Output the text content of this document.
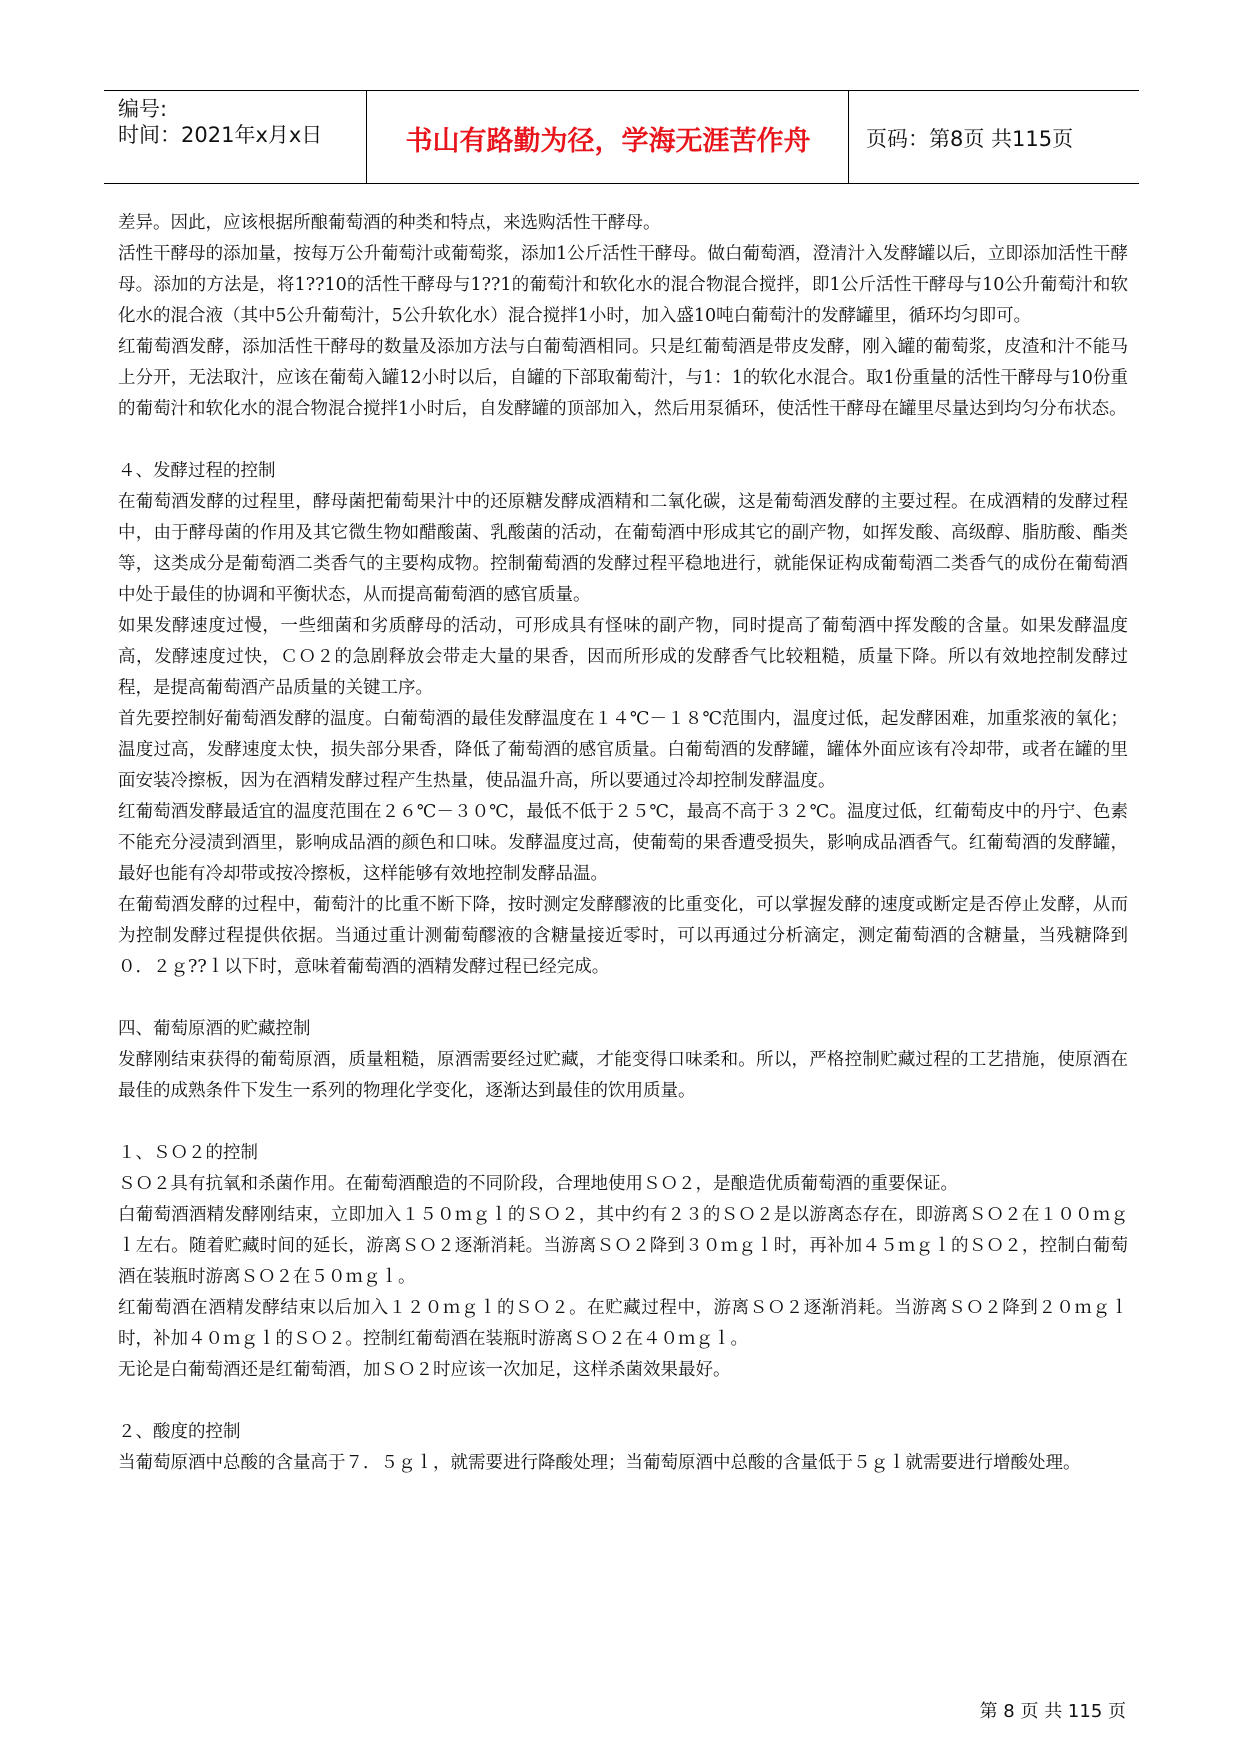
编号:
时间：2021年x月x日	书山有路勤为径，学海无涯苦作舟	页码：第8页 共115页

差异。因此，应该根据所酿葡萄酒的种类和特点，来选购活性干酵母。

活性干酵母的添加量，按每万公升葡萄汁或葡萄浆，添加1公斤活性干酵母。做白葡萄酒，澄清汁入发酵罐以后，立即添加活性干酵母。添加的方法是，将1??10的活性干酵母与1??1的葡萄汁和软化水的混合物混合搅拌，即1公斤活性干酵母与10公升葡萄汁和软化水的混合液（其中5公升葡萄汁，5公升软化水）混合搅拌1小时，加入盛10吨白葡萄汁的发酵罐里，循环均匀即可。

红葡萄酒发酵，添加活性干酵母的数量及添加方法与白葡萄酒相同。只是红葡萄酒是带皮发酵，刚入罐的葡萄浆，皮渣和汁不能马上分开，无法取汁，应该在葡萄入罐12小时以后，自罐的下部取葡萄汁，与1：1的软化水混合。取1份重量的活性干酵母与10份重的葡萄汁和软化水的混合物混合搅拌1小时后，自发酵罐的顶部加入，然后用泵循环，使活性干酵母在罐里尽量达到均匀分布状态。

４、发酵过程的控制

在葡萄酒发酵的过程里，酵母菌把葡萄果汁中的还原糖发酵成酒精和二氧化碳，这是葡萄酒发酵的主要过程。在成酒精的发酵过程中，由于酵母菌的作用及其它微生物如醋酸菌、乳酸菌的活动，在葡萄酒中形成其它的副产物，如挥发酸、高级醇、脂肪酸、酯类等，这类成分是葡萄酒二类香气的主要构成物。控制葡萄酒的发酵过程平稳地进行，就能保证构成葡萄酒二类香气的成份在葡萄酒中处于最佳的协调和平衡状态，从而提高葡萄酒的感官质量。

如果发酵速度过慢，一些细菌和劣质酵母的活动，可形成具有怪味的副产物，同时提高了葡萄酒中挥发酸的含量。如果发酵温度高，发酵速度过快，ＣＯ２的急剧释放会带走大量的果香，因而所形成的发酵香气比较粗糙，质量下降。所以有效地控制发酵过程，是提高葡萄酒产品质量的关键工序。

首先要控制好葡萄酒发酵的温度。白葡萄酒的最佳发酵温度在１４℃－１８℃范围内，温度过低，起发酵困难，加重浆液的氧化；温度过高，发酵速度太快，损失部分果香，降低了葡萄酒的感官质量。白葡萄酒的发酵罐，罐体外面应该有冷却带，或者在罐的里面安装冷擦板，因为在酒精发酵过程产生热量，使品温升高，所以要通过冷却控制发酵温度。

红葡萄酒发酵最适宜的温度范围在２６℃－３０℃，最低不低于２５℃，最高不高于３２℃。温度过低，红葡萄皮中的丹宁、色素不能充分浸渍到酒里，影响成品酒的颜色和口味。发酵温度过高，使葡萄的果香遭受损失，影响成品酒香气。红葡萄酒的发酵罐，最好也能有冷却带或按冷擦板，这样能够有效地控制发酵品温。

在葡萄酒发酵的过程中，葡萄汁的比重不断下降，按时测定发酵醪液的比重变化，可以掌握发酵的速度或断定是否停止发酵，从而为控制发酵过程提供依据。当通过重计测葡萄醪液的含糖量接近零时，可以再通过分析滴定，测定葡萄酒的含糖量，当残糖降到０．２ｇ??ｌ以下时，意味着葡萄酒的酒精发酵过程已经完成。

四、葡萄原酒的贮藏控制

发酵刚结束获得的葡萄原酒，质量粗糙，原酒需要经过贮藏，才能变得口味柔和。所以，严格控制贮藏过程的工艺措施，使原酒在最佳的成熟条件下发生一系列的物理化学变化，逐渐达到最佳的饮用质量。

１、ＳＯ２的控制

ＳＯ２具有抗氧和杀菌作用。在葡萄酒酿造的不同阶段，合理地使用ＳＯ２，是酿造优质葡萄酒的重要保证。

白葡萄酒酒精发酵刚结束，立即加入１５０ｍｇｌ的ＳＯ２，其中约有２３的ＳＯ２是以游离态存在，即游离ＳＯ２在１００ｍｇｌ左右。随着贮藏时间的延长，游离ＳＯ２逐渐消耗。当游离ＳＯ２降到３０ｍｇｌ时，再补加４５ｍｇｌ的ＳＯ２，控制白葡萄酒在装瓶时游离ＳＯ２在５０ｍｇｌ。

红葡萄酒在酒精发酵结束以后加入１２０ｍｇｌ的ＳＯ２。在贮藏过程中，游离ＳＯ２逐渐消耗。当游离ＳＯ２降到２０ｍｇｌ时，补加４０ｍｇｌ的ＳＯ２。控制红葡萄酒在装瓶时游离ＳＯ２在４０ｍｇｌ。

无论是白葡萄酒还是红葡萄酒，加ＳＯ２时应该一次加足，这样杀菌效果最好。

２、酸度的控制

当葡萄原酒中总酸的含量高于７．５ｇｌ，就需要进行降酸处理；当葡萄原酒中总酸的含量低于５ｇｌ就需要进行增酸处理。

第 8 页 共 115 页
